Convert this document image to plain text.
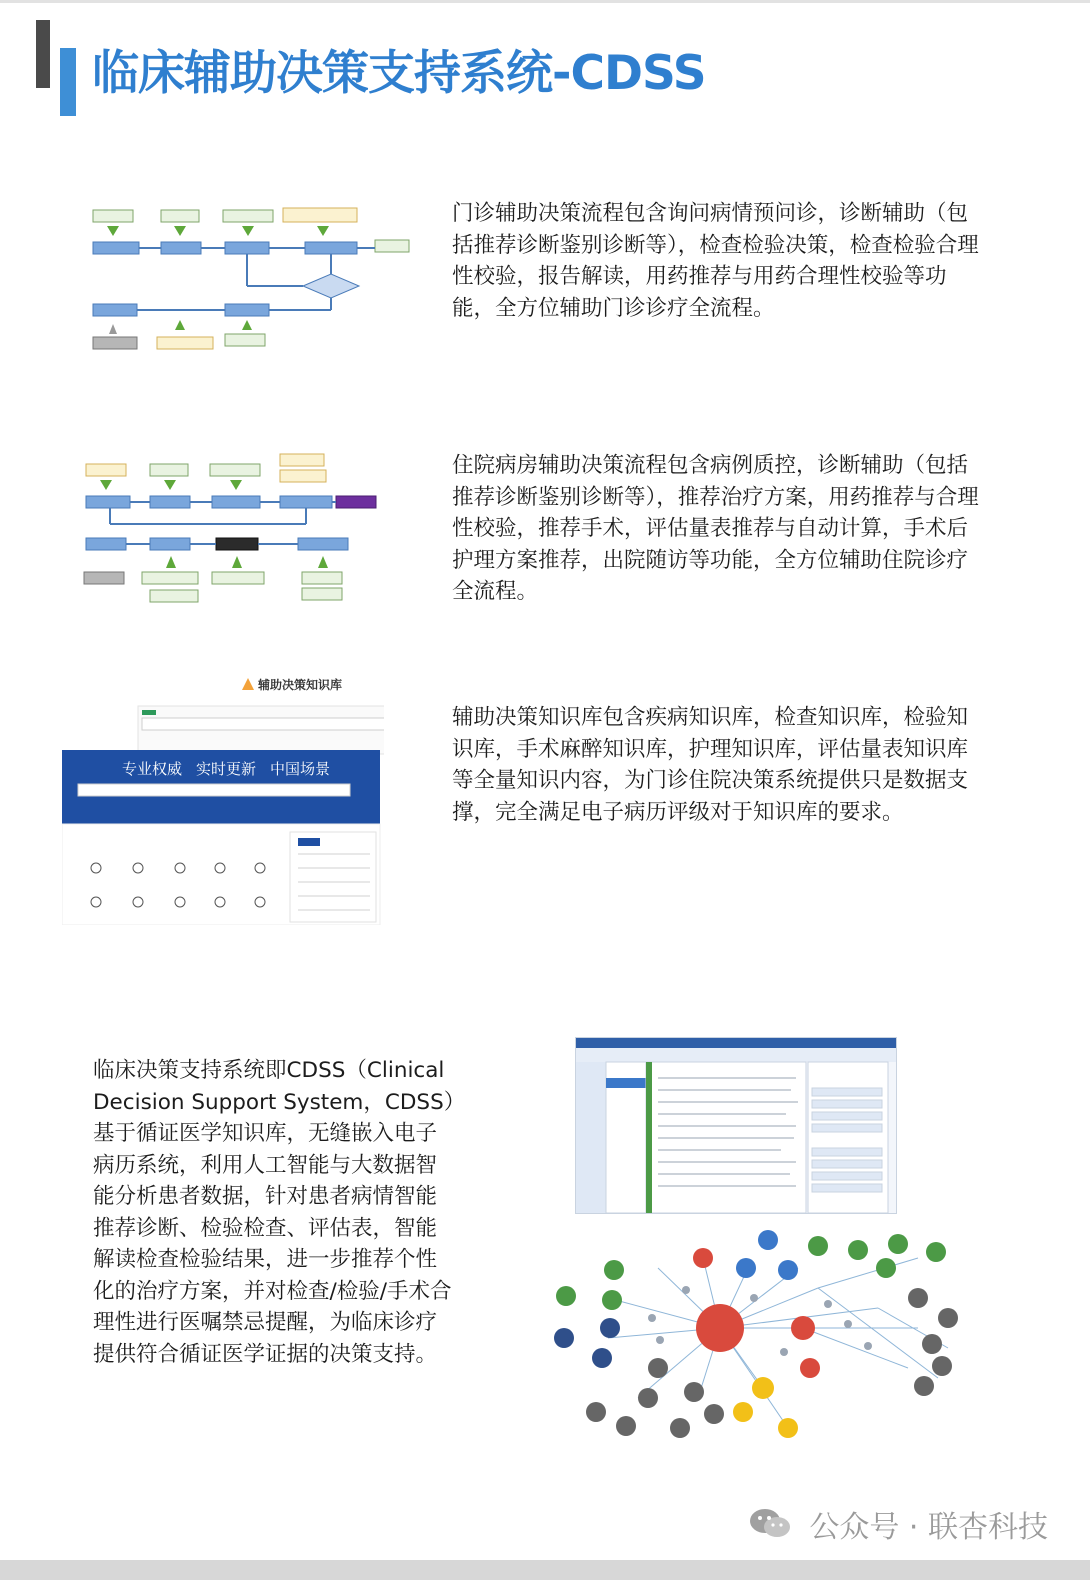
临床辅助决策支持系统-CDSS
门诊辅助决策流程包含询问病情预问诊，诊断辅助（包括推荐诊断鉴别诊断等），检查检验决策，检查检验合理性校验，报告解读，用药推荐与用药合理性校验等功能，全方位辅助门诊诊疗全流程。
住院病房辅助决策流程包含病例质控，诊断辅助（包括推荐诊断鉴别诊断等），推荐治疗方案，用药推荐与合理性校验，推荐手术，评估量表推荐与自动计算，手术后护理方案推荐，出院随访等功能，全方位辅助住院诊疗全流程。
辅助决策知识库
专业权威 实时更新 中国场景
辅助决策知识库包含疾病知识库，检查知识库，检验知识库，手术麻醉知识库，护理知识库，评估量表知识库等全量知识内容，为门诊住院决策系统提供只是数据支撑，完全满足电子病历评级对于知识库的要求。
临床决策支持系统即CDSS（Clinical Decision Support System，CDSS）基于循证医学知识库，无缝嵌入电子病历系统，利用人工智能与大数据智能分析患者数据，针对患者病情智能推荐诊断、检验检查、评估表，智能解读检查检验结果，进一步推荐个性化的治疗方案，并对检查/检验/手术合理性进行医嘱禁忌提醒，为临床诊疗提供符合循证医学证据的决策支持。
公众号 · 联杏科技
